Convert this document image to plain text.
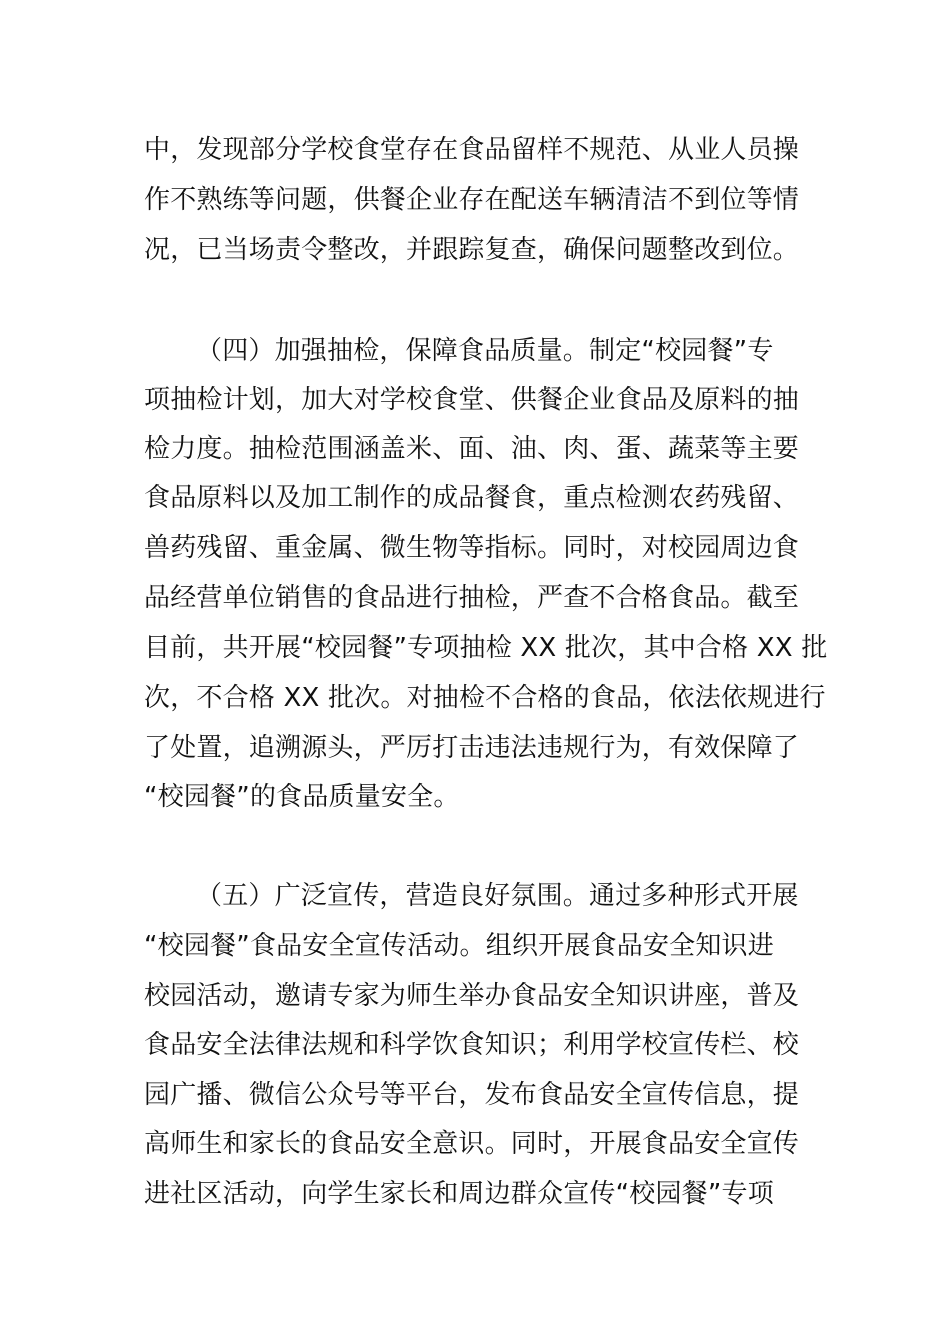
中，发现部分学校食堂存在食品留样不规范、从业人员操
作不熟练等问题，供餐企业存在配送车辆清洁不到位等情
况，已当场责令整改，并跟踪复查，确保问题整改到位。
（四）加强抽检，保障食品质量。制定“校园餐”专
项抽检计划，加大对学校食堂、供餐企业食品及原料的抽
检力度。抽检范围涵盖米、面、油、肉、蛋、蔬菜等主要
食品原料以及加工制作的成品餐食，重点检测农药残留、
兽药残留、重金属、微生物等指标。同时，对校园周边食
品经营单位销售的食品进行抽检，严查不合格食品。截至
目前，共开展“校园餐”专项抽检 XX 批次，其中合格 XX 批
次，不合格 XX 批次。对抽检不合格的食品，依法依规进行
了处置，追溯源头，严厉打击违法违规行为，有效保障了
“校园餐”的食品质量安全。
（五）广泛宣传，营造良好氛围。通过多种形式开展
“校园餐”食品安全宣传活动。组织开展食品安全知识进
校园活动，邀请专家为师生举办食品安全知识讲座，普及
食品安全法律法规和科学饮食知识；利用学校宣传栏、校
园广播、微信公众号等平台，发布食品安全宣传信息，提
高师生和家长的食品安全意识。同时，开展食品安全宣传
进社区活动，向学生家长和周边群众宣传“校园餐”专项
